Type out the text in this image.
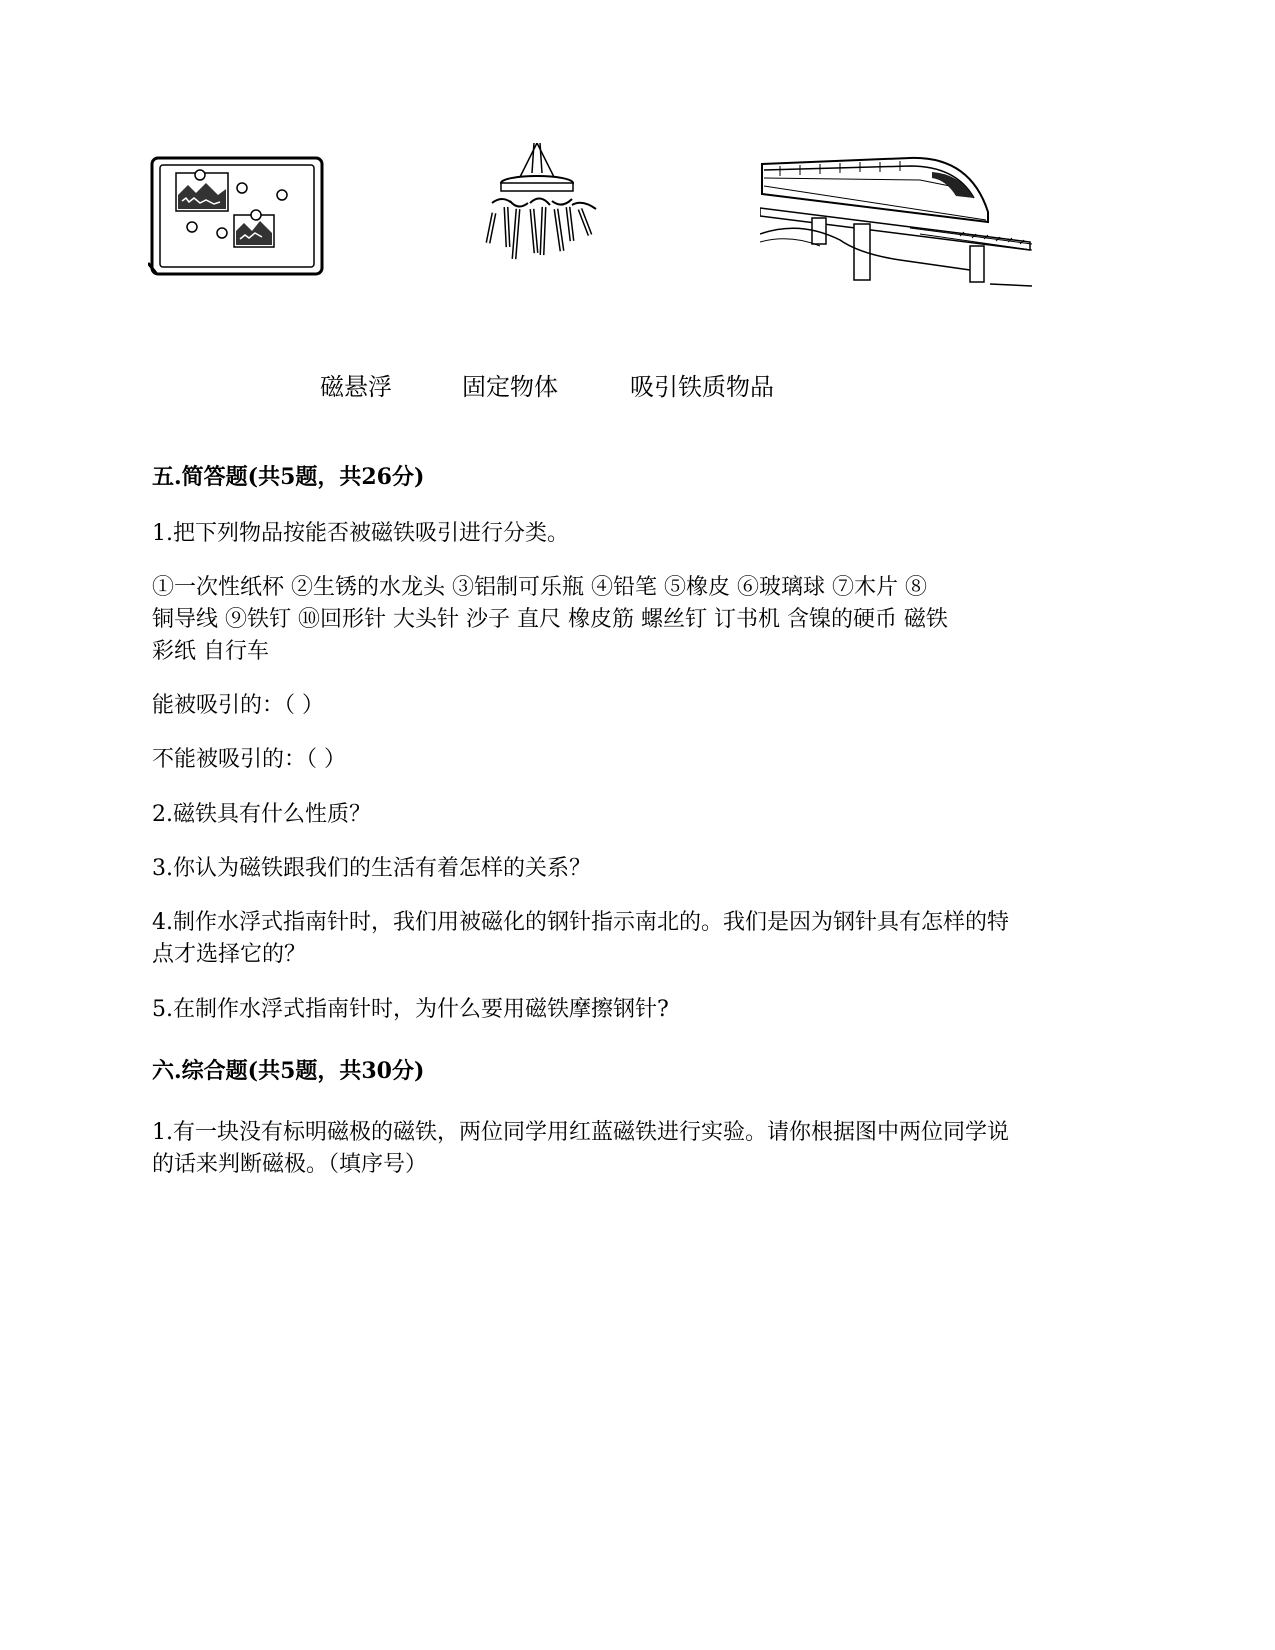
磁悬浮	固定物体	吸引铁质物品
五.简答题(共5题，共26分)
1.把下列物品按能否被磁铁吸引进行分类。
①一次性纸杯 ②生锈的水龙头 ③铝制可乐瓶 ④铅笔 ⑤橡皮 ⑥玻璃球 ⑦木片 ⑧
铜导线 ⑨铁钉 ⑩回形针 大头针 沙子 直尺 橡皮筋 螺丝钉 订书机 含镍的硬币 磁铁
彩纸 自行车
能被吸引的：（ ）
不能被吸引的：（ ）
2.磁铁具有什么性质？
3.你认为磁铁跟我们的生活有着怎样的关系？
4.制作水浮式指南针时，我们用被磁化的钢针指示南北的。我们是因为钢针具有怎样的特
点才选择它的？
5.在制作水浮式指南针时，为什么要用磁铁摩擦钢针?
六.综合题(共5题，共30分)
1.有一块没有标明磁极的磁铁，两位同学用红蓝磁铁进行实验。请你根据图中两位同学说
的话来判断磁极。（填序号）
